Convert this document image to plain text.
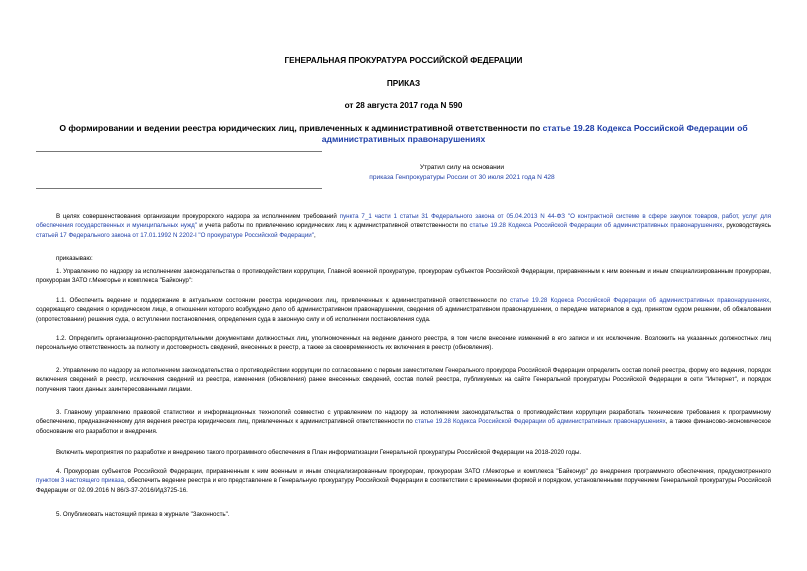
ГЕНЕРАЛЬНАЯ ПРОКУРАТУРА РОССИЙСКОЙ ФЕДЕРАЦИИ
ПРИКАЗ
от 28 августа 2017 года N 590
О формировании и ведении реестра юридических лиц, привлеченных к административной ответственности по статье 19.28 Кодекса Российской Федерации об административных правонарушениях
Утратил силу на основании
приказа Генпрокуратуры России от 30 июля 2021 года N 428

В целях совершенствования организации прокурорского надзора за исполнением требований пункта 7_1 части 1 статьи 31 Федерального закона от 05.04.2013 N 44-ФЗ "О контрактной системе в сфере закупок товаров, работ, услуг для обеспечения государственных и муниципальных нужд" и учета работы по привлечению юридических лиц к административной ответственности по статье 19.28 Кодекса Российской Федерации об административных правонарушениях, руководствуясь статьей 17 Федерального закона от 17.01.1992 N 2202-I "О прокуратуре Российской Федерации",

приказываю:

1. Управлению по надзору за исполнением законодательства о противодействии коррупции, Главной военной прокуратуре, прокурорам субъектов Российской Федерации, приравненным к ним военным и иным специализированным прокурорам, прокурорам ЗАТО г.Межгорье и комплекса "Байконур":

1.1. Обеспечить ведение и поддержание в актуальном состоянии реестра юридических лиц, привлеченных к административной ответственности по статье 19.28 Кодекса Российской Федерации об административных правонарушениях, содержащего сведения о юридическом лице, в отношении которого возбуждено дело об административном правонарушении, сведения об административном правонарушении, о передаче материалов в суд, принятом судом решении, об обжаловании (опротестовании) решения суда, о вступлении постановления, определения суда в законную силу и об исполнении постановления суда.

1.2. Определить организационно-распорядительными документами должностных лиц, уполномоченных на ведение данного реестра, в том числе внесение изменений в его записи и их исключение. Возложить на указанных должностных лиц персональную ответственность за полноту и достоверность сведений, внесенных в реестр, а также за своевременность их включения в реестр (обновления).

2. Управлению по надзору за исполнением законодательства о противодействии коррупции по согласованию с первым заместителем Генерального прокурора Российской Федерации определить состав полей реестра, форму его ведения, порядок включения сведений в реестр, исключения сведений из реестра, изменения (обновления) ранее внесенных сведений, состав полей реестра, публикуемых на сайте Генеральной прокуратуры Российской Федерации в сети "Интернет", и порядок получения таких данных заинтересованными лицами.

3. Главному управлению правовой статистики и информационных технологий совместно с управлением по надзору за исполнением законодательства о противодействии коррупции разработать технические требования к программному обеспечению, предназначенному для ведения реестра юридических лиц, привлеченных к административной ответственности по статье 19.28 Кодекса Российской Федерации об административных правонарушениях, а также финансово-экономическое обоснование его разработки и внедрения.

Включить мероприятия по разработке и внедрению такого программного обеспечения в План информатизации Генеральной прокуратуры Российской Федерации на 2018-2020 годы.

4. Прокурорам субъектов Российской Федерации, приравненным к ним военным и иным специализированным прокурорам, прокурорам ЗАТО г.Межгорье и комплекса "Байконур" до внедрения программного обеспечения, предусмотренного пунктом 3 настоящего приказа, обеспечить ведение реестра и его представление в Генеральную прокуратуру Российской Федерации в соответствии с временными формой и порядком, установленными поручением Генеральной прокуратуры Российской Федерации от 02.09.2016 N 86/3-37-2016/Ид3725-16.

5. Опубликовать настоящий приказ в журнале "Законность".
